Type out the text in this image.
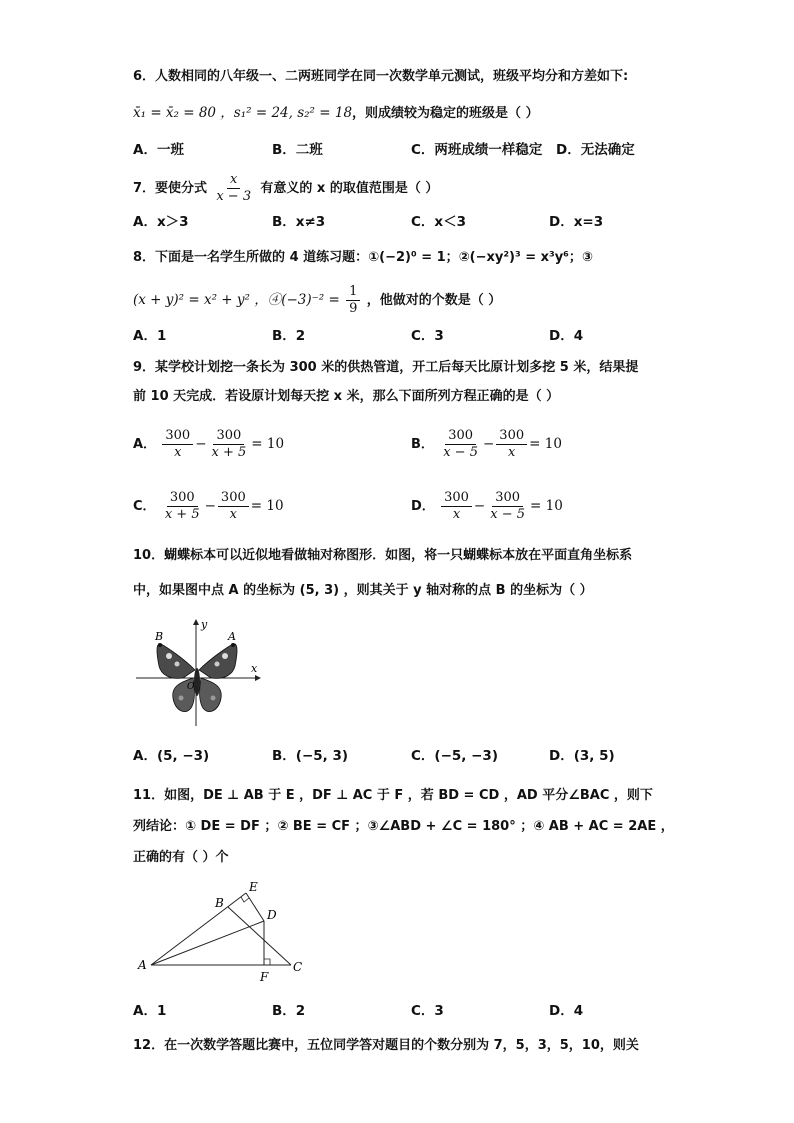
6．人数相同的八年级一、二两班同学在同一次数学单元测试，班级平均分和方差如下:
x̄₁ = x̄₂ = 80 ，s₁² = 24, s₂² = 18，则成绩较为稳定的班级是（ ）
A．一班	B．二班	C．两班成绩一样稳定 D．无法确定
7．要使分式 $\frac{x}{x - 3}$ 有意义的 x 的取值范围是（ ）
A．x＞3	B．x≠3	C．x＜3	D．x=3
8．下面是一名学生所做的 4 道练习题：①(−2)⁰ = 1；②(−xy²)³ = x³y⁶；③
(x + y)² = x² + y² ，④(−3)⁻² = $\frac{1}{9}$ ，他做对的个数是（ ）
A．1	B．2	C．3	D．4
9．某学校计划挖一条长为 300 米的供热管道，开工后每天比原计划多挖 5 米，结果提
前 10 天完成．若设原计划每天挖 x 米，那么下面所列方程正确的是（ ）
A． $\frac{300}{x} - \frac{300}{x + 5} = 10$	B． $\frac{300}{x - 5} - \frac{300}{x} = 10$
C． $\frac{300}{x + 5} - \frac{300}{x} = 10$	D． $\frac{300}{x} - \frac{300}{x - 5} = 10$
10．蝴蝶标本可以近似地看做轴对称图形．如图，将一只蝴蝶标本放在平面直角坐标系
中，如果图中点 A 的坐标为 (5, 3) ，则其关于 y 轴对称的点 B 的坐标为（ ）
B	A
y
x
O
A．(5, −3)	B．(−5, 3)	C．(−5, −3)	D．(3, 5)
11．如图，DE ⊥ AB 于 E ，DF ⊥ AC 于 F ，若 BD = CD ，AD 平分∠BAC ，则下
列结论：① DE = DF ；② BE = CF ；③∠ABD + ∠C = 180° ；④ AB + AC = 2AE ，
正确的有（ ）个
E
B
D
A
F
C
A．1	B．2	C．3	D．4
12．在一次数学答题比赛中，五位同学答对题目的个数分别为 7，5，3，5，10，则关
